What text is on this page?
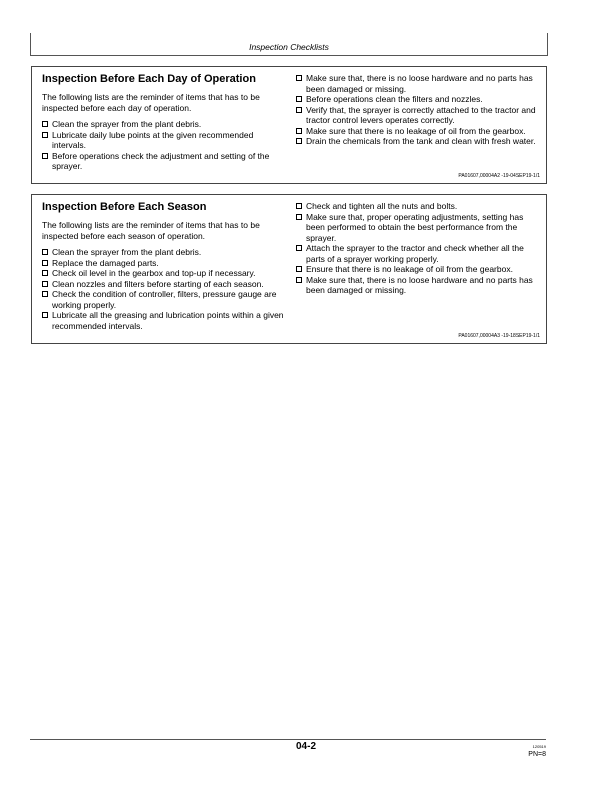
Inspection Checklists
Inspection Before Each Day of Operation

The following lists are the reminder of items that has to be inspected before each day of operation.

Clean the sprayer from the plant debris.
Lubricate daily lube points at the given recommended intervals.
Before operations check the adjustment and setting of the sprayer.
Make sure that, there is no loose hardware and no parts has been damaged or missing.
Before operations clean the filters and nozzles.
Verify that, the sprayer is correctly attached to the tractor and tractor control levers operates correctly.
Make sure that there is no leakage of oil from the gearbox.
Drain the chemicals from the tank and clean with fresh water.
PA01607,00004A2 -19-04SEP19-1/1
Inspection Before Each Season

The following lists are the reminder of items that has to be inspected before each season of operation.

Clean the sprayer from the plant debris.
Replace the damaged parts.
Check oil level in the gearbox and top-up if necessary.
Clean nozzles and filters before starting of each season.
Check the condition of controller, filters, pressure gauge are working properly.
Lubricate all the greasing and lubrication points within a given recommended intervals.
Check and tighten all the nuts and bolts.
Make sure that, proper operating adjustments, setting has been performed to obtain the best performance from the sprayer.
Attach the sprayer to the tractor and check whether all the parts of a sprayer working properly.
Ensure that there is no leakage of oil from the gearbox.
Make sure that, there is no loose hardware and no parts has been damaged or missing.
PA01607,00004A3 -19-18SEP19-1/1
04-2	120519
PN=8
